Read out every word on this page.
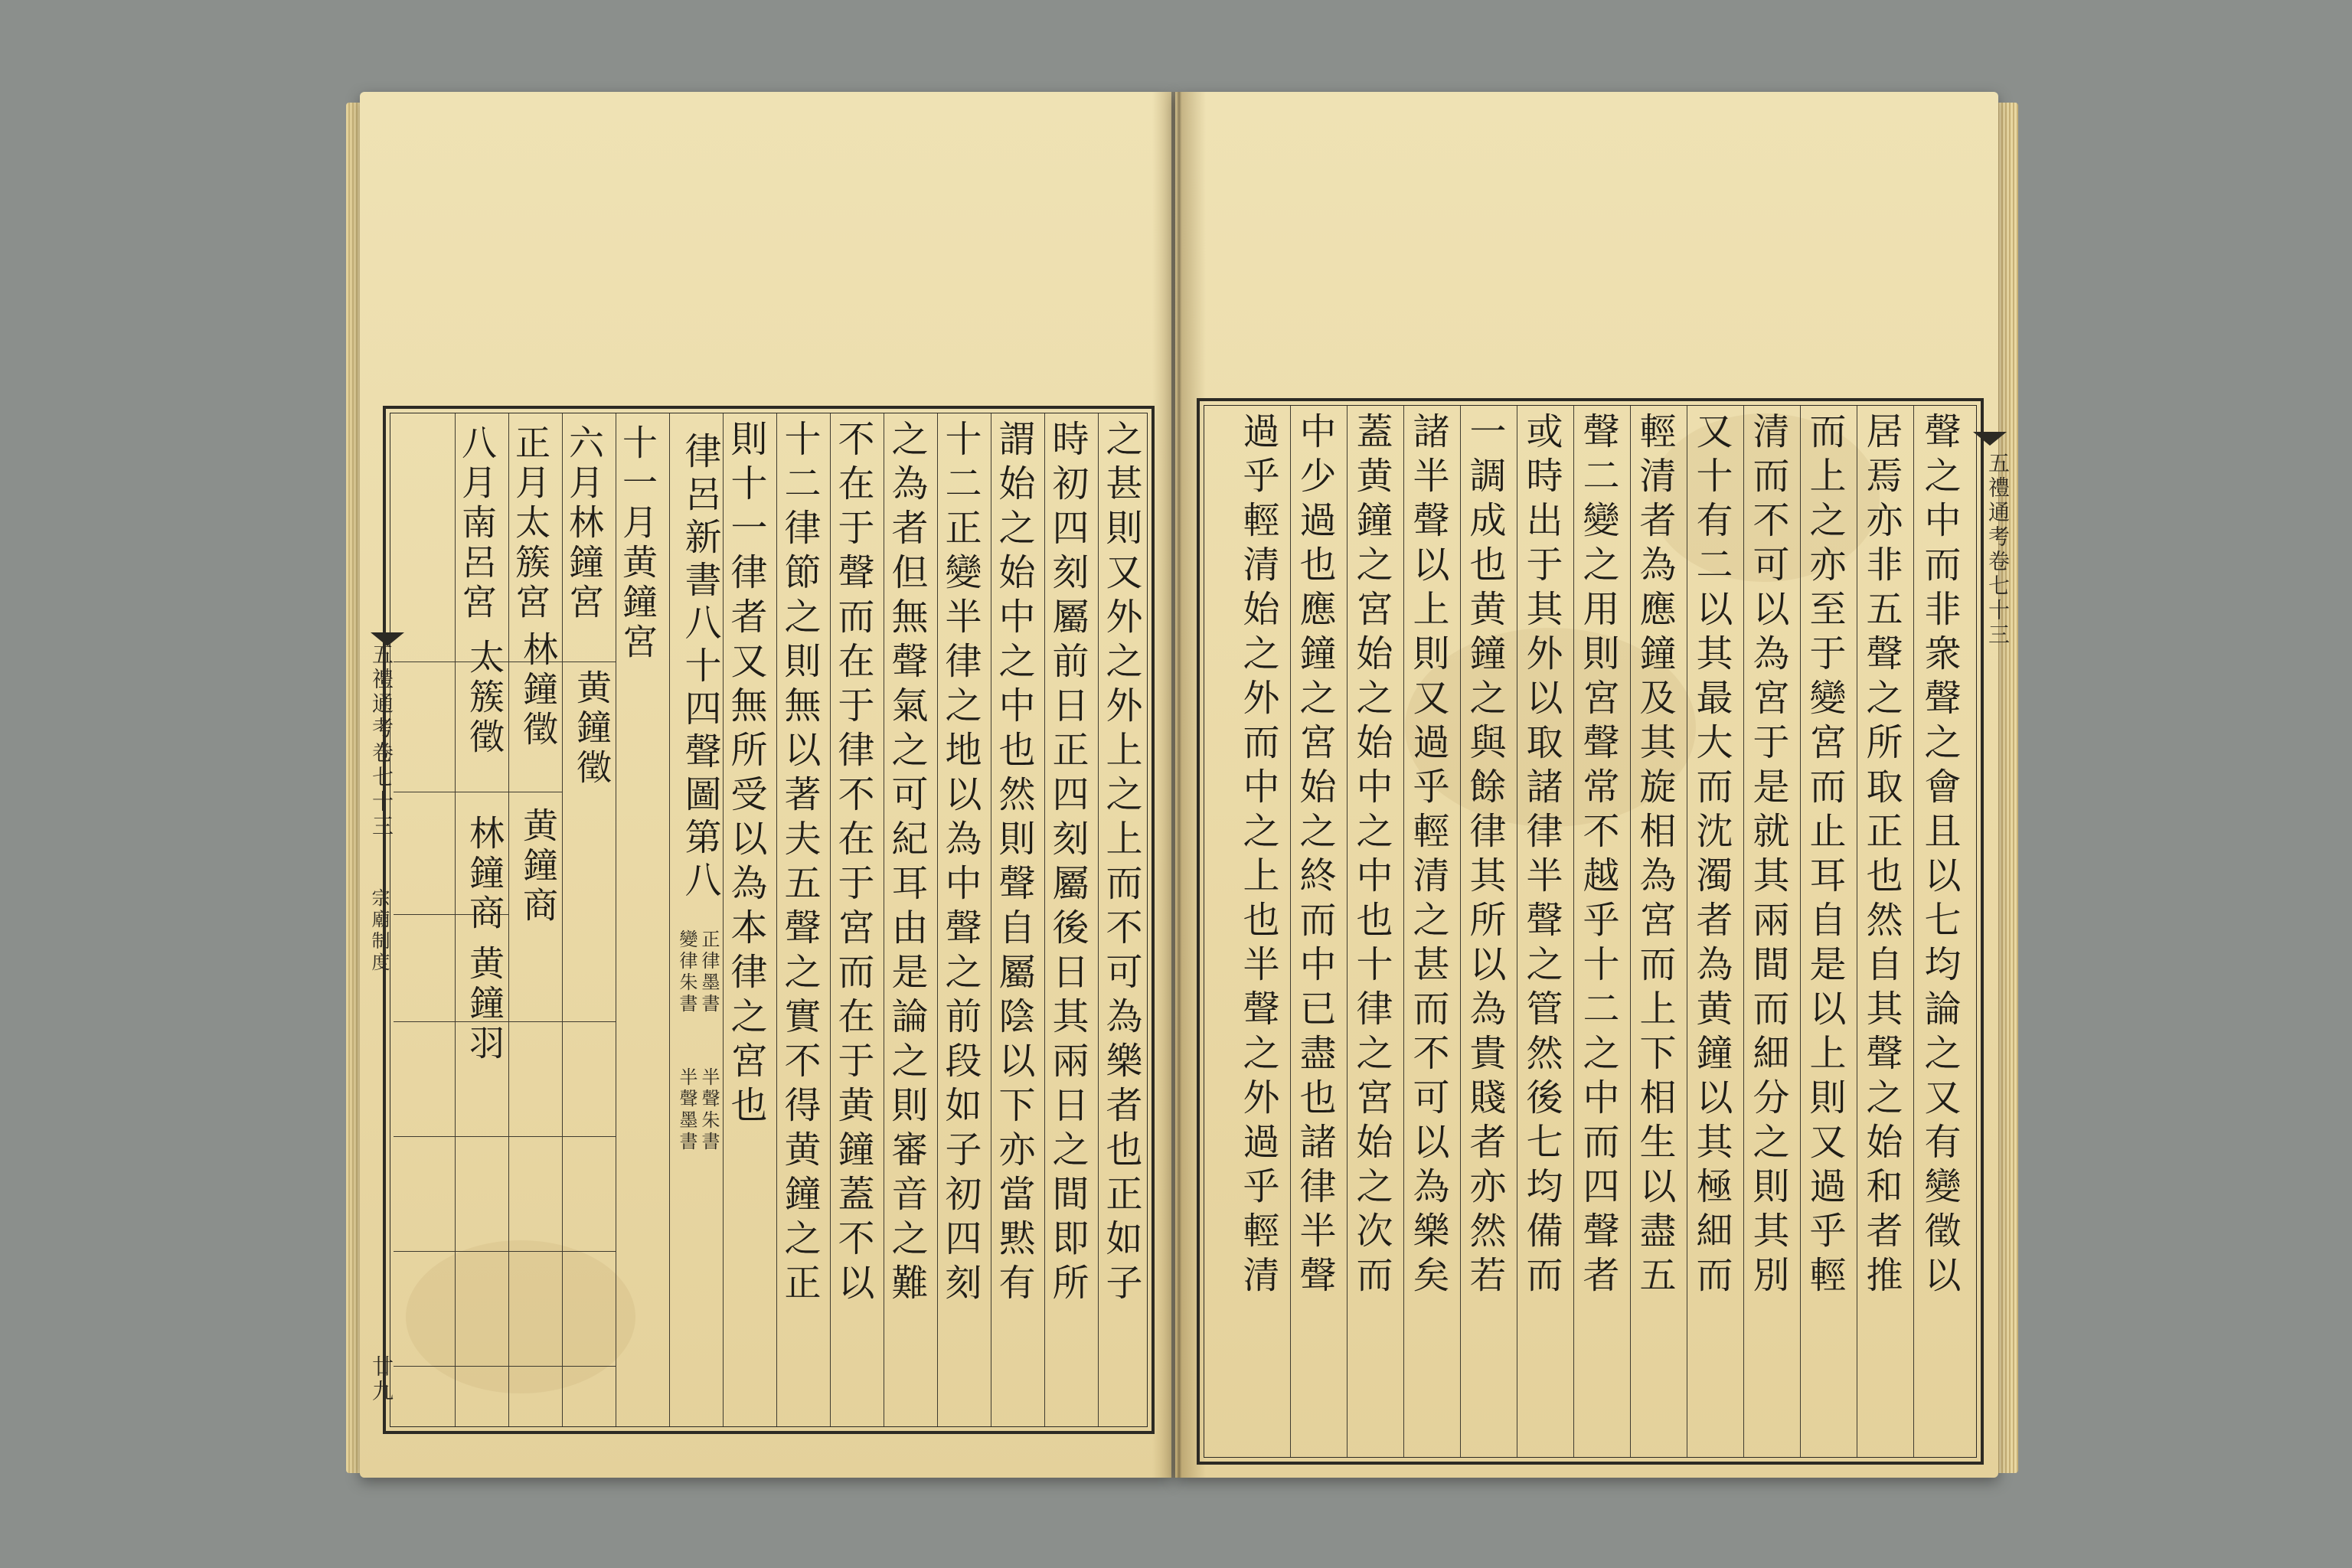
五禮通考卷七十三
宗廟制度
廿九
之甚則又外之外上之上而不可為樂者也正如子
時初四刻屬前日正四刻屬後日其兩日之間即所
謂始之始中之中也然則聲自屬陰以下亦當黙有
十二正變半律之地以為中聲之前段如子初四刻
之為者但無聲氣之可紀耳由是論之則審音之難
不在于聲而在于律不在于宮而在于黄鐘蓋不以
十二律節之則無以著夫五聲之實不得黄鐘之正
則十一律者又無所受以為本律之宮也
律呂新書八十四聲圖第八
正律墨書
變律朱書
半聲朱書
半聲墨書
十一月黄鐘宮
六月林鐘宮
黄鐘徵
正月太簇宮
林鐘徵
黄鐘商
八月南呂宮
太簇徵
林鐘商
黄鐘羽
五禮通考卷七十三
聲之中而非衆聲之會且以七均論之又有變徵以
居焉亦非五聲之所取正也然自其聲之始和者推
而上之亦至于變宮而止耳自是以上則又過乎輕
清而不可以為宮于是就其兩間而細分之則其別
又十有二以其最大而沈濁者為黄鐘以其極細而
輕清者為應鐘及其旋相為宮而上下相生以盡五
聲二變之用則宮聲常不越乎十二之中而四聲者
或時出于其外以取諸律半聲之管然後七均備而
一調成也黄鐘之與餘律其所以為貴賤者亦然若
諸半聲以上則又過乎輕清之甚而不可以為樂矣
蓋黄鐘之宮始之始中之中也十律之宮始之次而
中少過也應鐘之宮始之終而中已盡也諸律半聲
過乎輕清始之外而中之上也半聲之外過乎輕清
